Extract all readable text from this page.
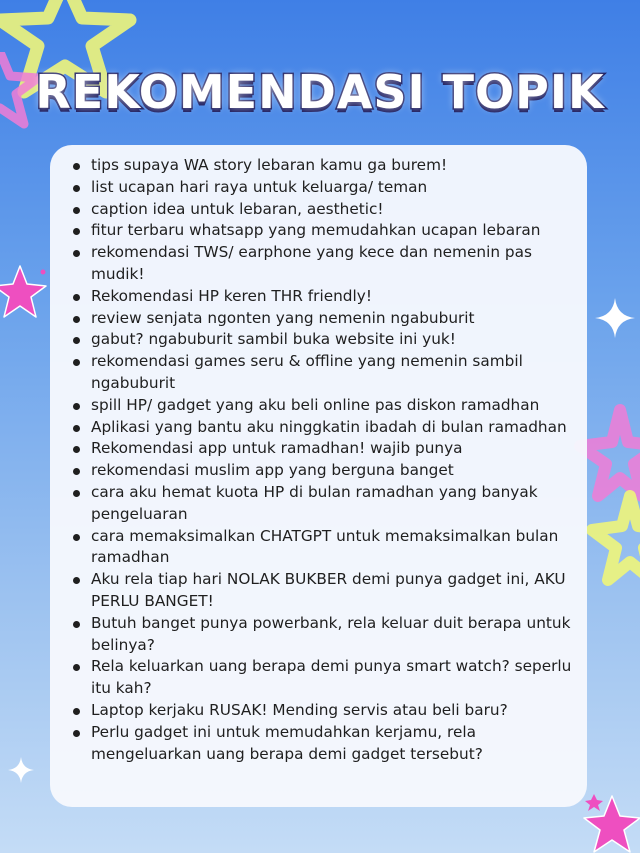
REKOMENDASI TOPIK
tips supaya WA story lebaran kamu ga burem!
list ucapan hari raya untuk keluarga/ teman
caption idea untuk lebaran, aesthetic!
fitur terbaru whatsapp yang memudahkan ucapan lebaran
rekomendasi TWS/ earphone yang kece dan nemenin pas mudik!
Rekomendasi HP keren THR friendly!
review senjata ngonten yang nemenin ngabuburit
gabut? ngabuburit sambil buka website ini yuk!
rekomendasi games seru & offline yang nemenin sambil ngabuburit
spill HP/ gadget yang aku beli online pas diskon ramadhan
Aplikasi yang bantu aku ninggkatin ibadah di bulan ramadhan
Rekomendasi app untuk ramadhan! wajib punya
rekomendasi muslim app yang berguna banget
cara aku hemat kuota HP di bulan ramadhan yang banyak pengeluaran
cara memaksimalkan CHATGPT untuk memaksimalkan bulan ramadhan
Aku rela tiap hari NOLAK BUKBER demi punya gadget ini, AKU PERLU BANGET!
Butuh banget punya powerbank, rela keluar duit berapa untuk belinya?
Rela keluarkan uang berapa demi punya smart watch? seperlu itu kah?
Laptop kerjaku RUSAK! Mending servis atau beli baru?
Perlu gadget ini untuk memudahkan kerjamu, rela mengeluarkan uang berapa demi gadget tersebut?
